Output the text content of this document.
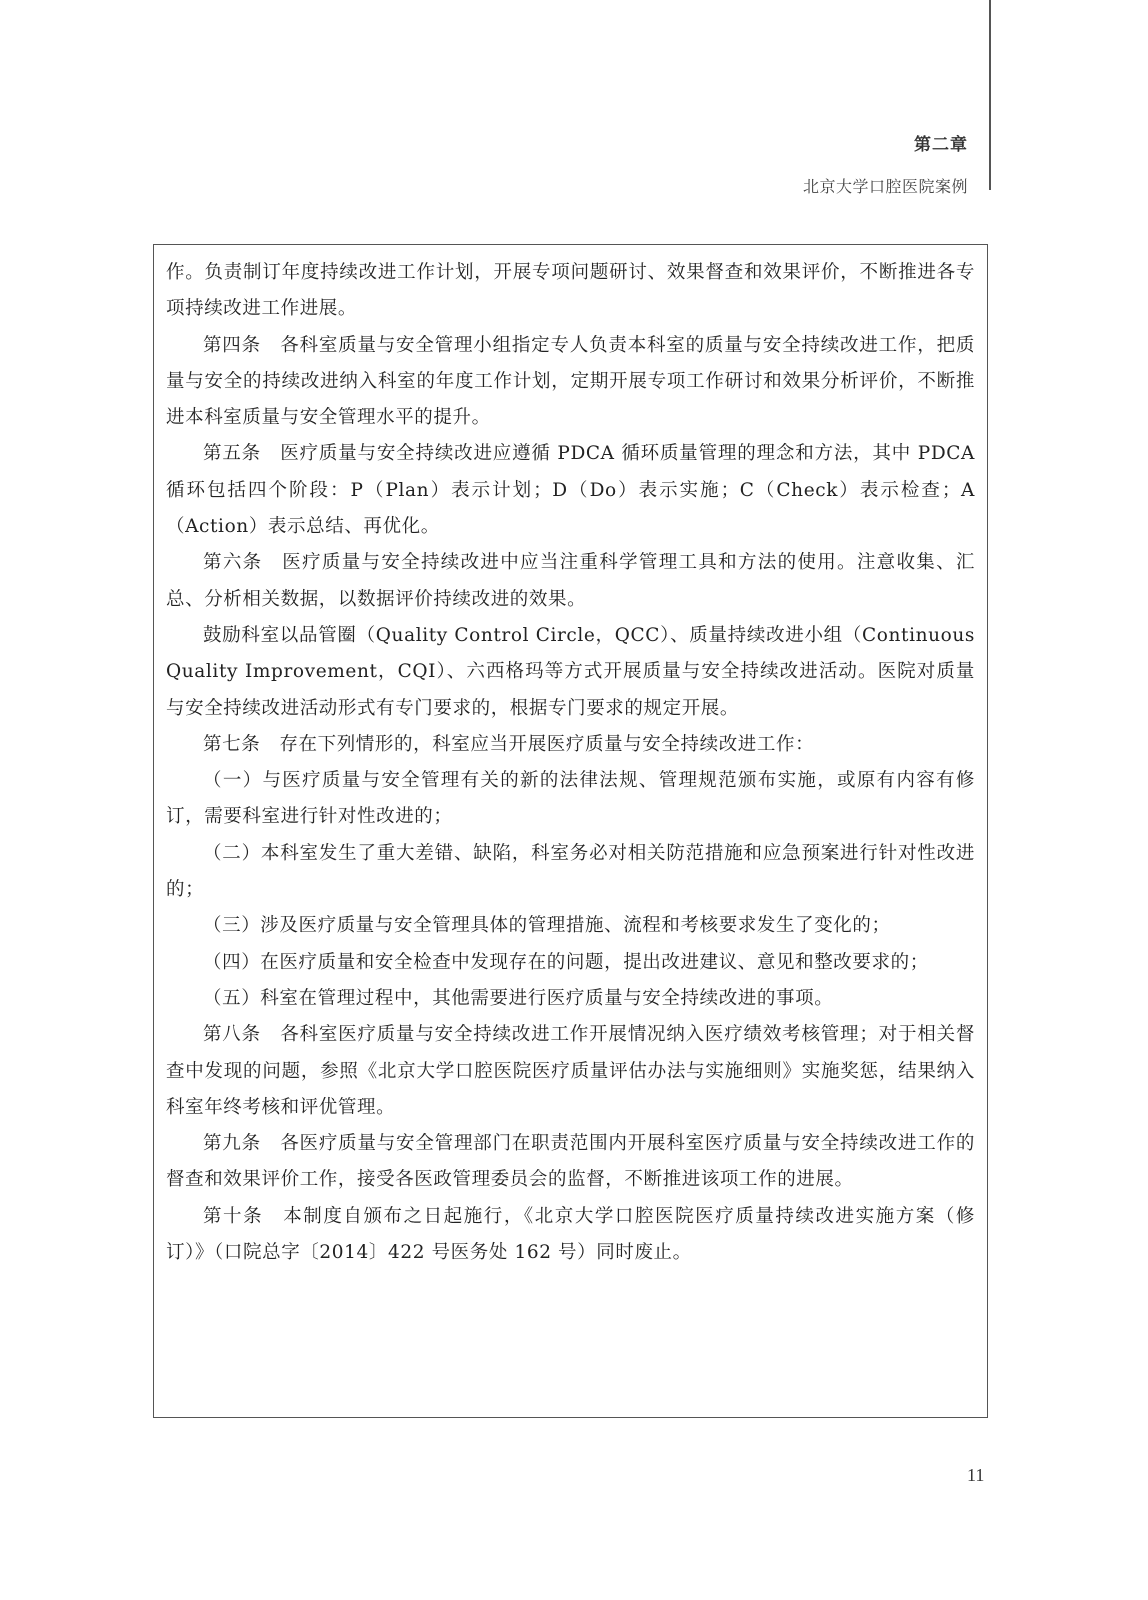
第二章
北京大学口腔医院案例

作。负责制订年度持续改进工作计划，开展专项问题研讨、效果督查和效果评价，不断推进各专项持续改进工作进展。

第四条　各科室质量与安全管理小组指定专人负责本科室的质量与安全持续改进工作，把质量与安全的持续改进纳入科室的年度工作计划，定期开展专项工作研讨和效果分析评价，不断推进本科室质量与安全管理水平的提升。

第五条　医疗质量与安全持续改进应遵循 PDCA 循环质量管理的理念和方法，其中 PDCA 循环包括四个阶段：P（Plan）表示计划；D（Do）表示实施；C（Check）表示检查；A（Action）表示总结、再优化。

第六条　医疗质量与安全持续改进中应当注重科学管理工具和方法的使用。注意收集、汇总、分析相关数据，以数据评价持续改进的效果。

鼓励科室以品管圈（Quality Control Circle，QCC）、质量持续改进小组（Continuous Quality Improvement，CQI）、六西格玛等方式开展质量与安全持续改进活动。医院对质量与安全持续改进活动形式有专门要求的，根据专门要求的规定开展。

第七条　存在下列情形的，科室应当开展医疗质量与安全持续改进工作：

（一）与医疗质量与安全管理有关的新的法律法规、管理规范颁布实施，或原有内容有修订，需要科室进行针对性改进的；

（二）本科室发生了重大差错、缺陷，科室务必对相关防范措施和应急预案进行针对性改进的；

（三）涉及医疗质量与安全管理具体的管理措施、流程和考核要求发生了变化的；

（四）在医疗质量和安全检查中发现存在的问题，提出改进建议、意见和整改要求的；

（五）科室在管理过程中，其他需要进行医疗质量与安全持续改进的事项。

第八条　各科室医疗质量与安全持续改进工作开展情况纳入医疗绩效考核管理；对于相关督查中发现的问题，参照《北京大学口腔医院医疗质量评估办法与实施细则》实施奖惩，结果纳入科室年终考核和评优管理。

第九条　各医疗质量与安全管理部门在职责范围内开展科室医疗质量与安全持续改进工作的督查和效果评价工作，接受各医政管理委员会的监督，不断推进该项工作的进展。

第十条　本制度自颁布之日起施行，《北京大学口腔医院医疗质量持续改进实施方案（修订）》（口院总字〔2014〕422 号医务处 162 号）同时废止。

11
